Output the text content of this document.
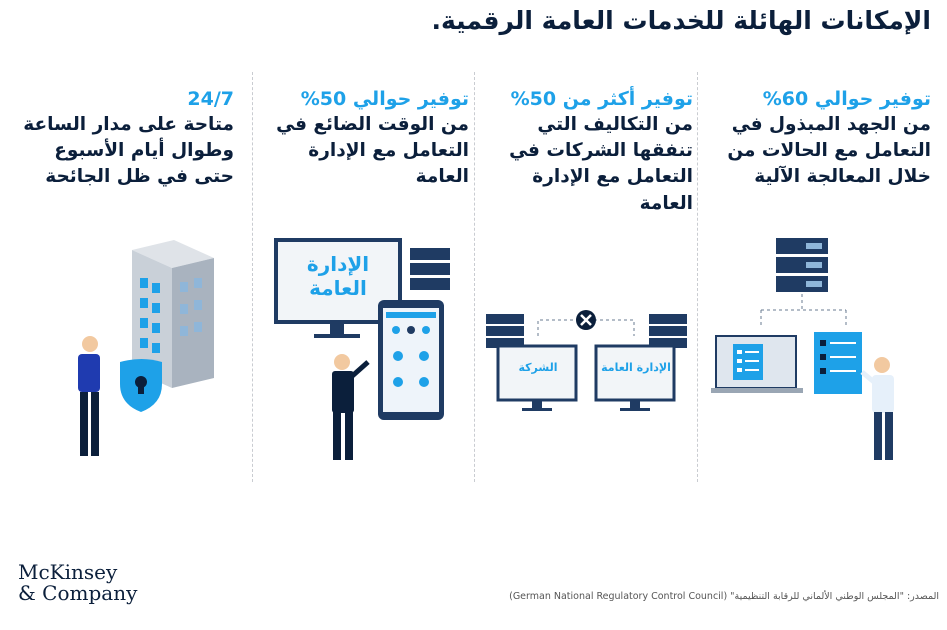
الإمكانات الهائلة للخدمات العامة الرقمية.
توفير حوالي 60%
من الجهد المبذول في
التعامل مع الحالات من
خلال المعالجة الآلية
توفير أكثر من 50%
من التكاليف التي
تنفقها الشركات في
التعامل مع الإدارة
العامة
توفير حوالي 50%
من الوقت الضائع في
التعامل مع الإدارة
العامة
24/7
متاحة على مدار الساعة
وطوال أيام الأسبوع
حتى في ظل الجائحة
الشركة	الإدارة العامة
الإدارة
العامة
McKinsey
& Company	المصدر: "المجلس الوطني الألماني للرقابة التنظيمية" (German National Regulatory Control Council)
